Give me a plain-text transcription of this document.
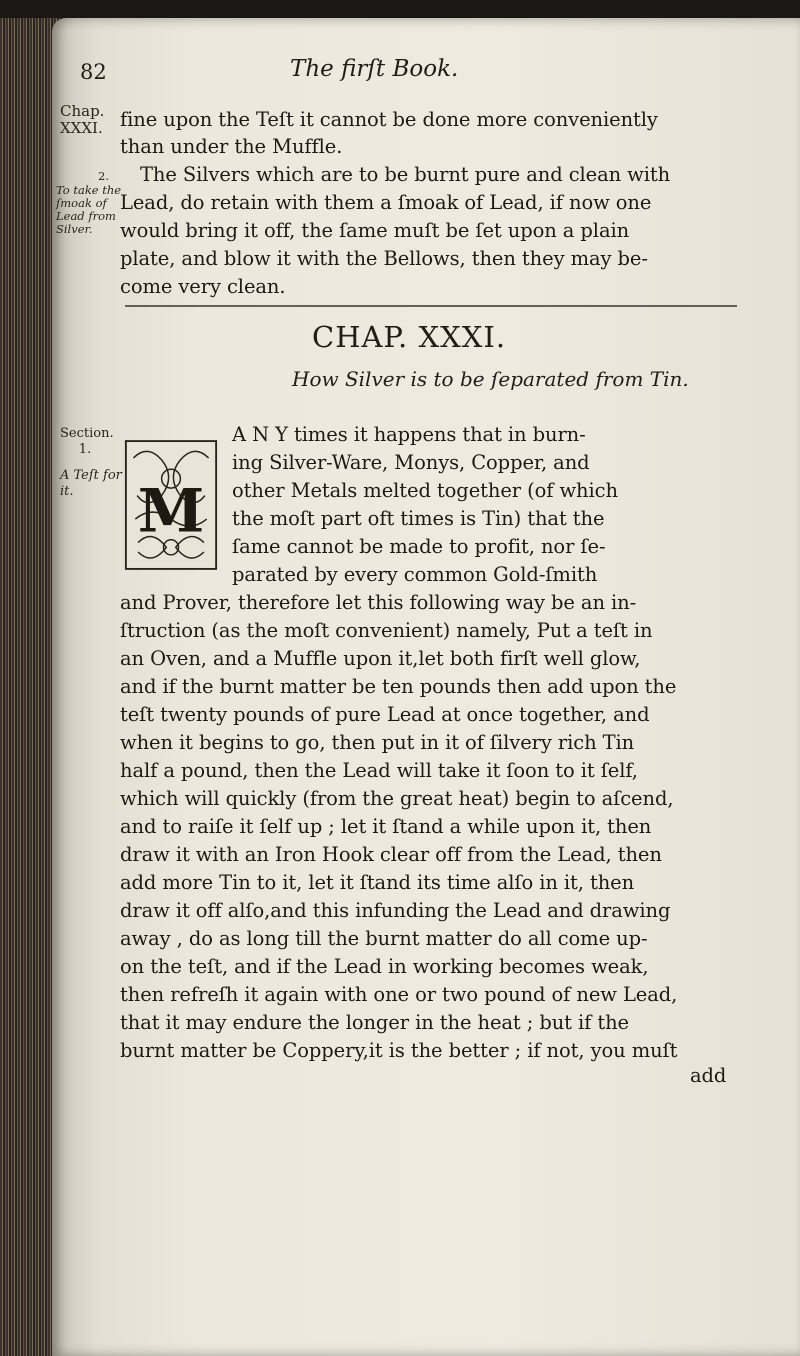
82	The firſt Book.
Chap.
XXXI.
2.
To take the
ſmoak of
Lead from
Silver.
fine upon the Teſt it cannot be done more conveniently
than under the Muffle.
The Silvers which are to be burnt pure and clean with
Lead, do retain with them a ſmoak of Lead, if now one
would bring it off, the ſame muſt be ſet upon a plain
plate, and blow it with the Bellows, then they may be-
come very clean.
CHAP. XXXI.
How Silver is to be ſeparated from Tin.
Section.
1.
A Teſt for
it.	M
A N Y times it happens that in burn-
ing Silver-Ware, Monys, Copper, and
other Metals melted together (of which
the moſt part oft times is Tin) that the
ſame cannot be made to profit, nor ſe-
parated by every common Gold-ſmith
and Prover, therefore let this following way be an in-
ſtruction (as the moſt convenient) namely, Put a teſt in
an Oven, and a Muffle upon it,let both firſt well glow,
and if the burnt matter be ten pounds then add upon the
teſt twenty pounds of pure Lead at once together, and
when it begins to go, then put in it of ſilvery rich Tin
half a pound, then the Lead will take it ſoon to it ſelf,
which will quickly (from the great heat) begin to aſcend,
and to raiſe it ſelf up ; let it ſtand a while upon it, then
draw it with an Iron Hook clear off from the Lead, then
add more Tin to it, let it ſtand its time alſo in it, then
draw it off alſo,and this infunding the Lead and drawing
away , do as long till the burnt matter do all come up-
on the teſt, and if the Lead in working becomes weak,
then refreſh it again with one or two pound of new Lead,
that it may endure the longer in the heat ; but if the
burnt matter be Coppery,it is the better ; if not, you muſt
add
